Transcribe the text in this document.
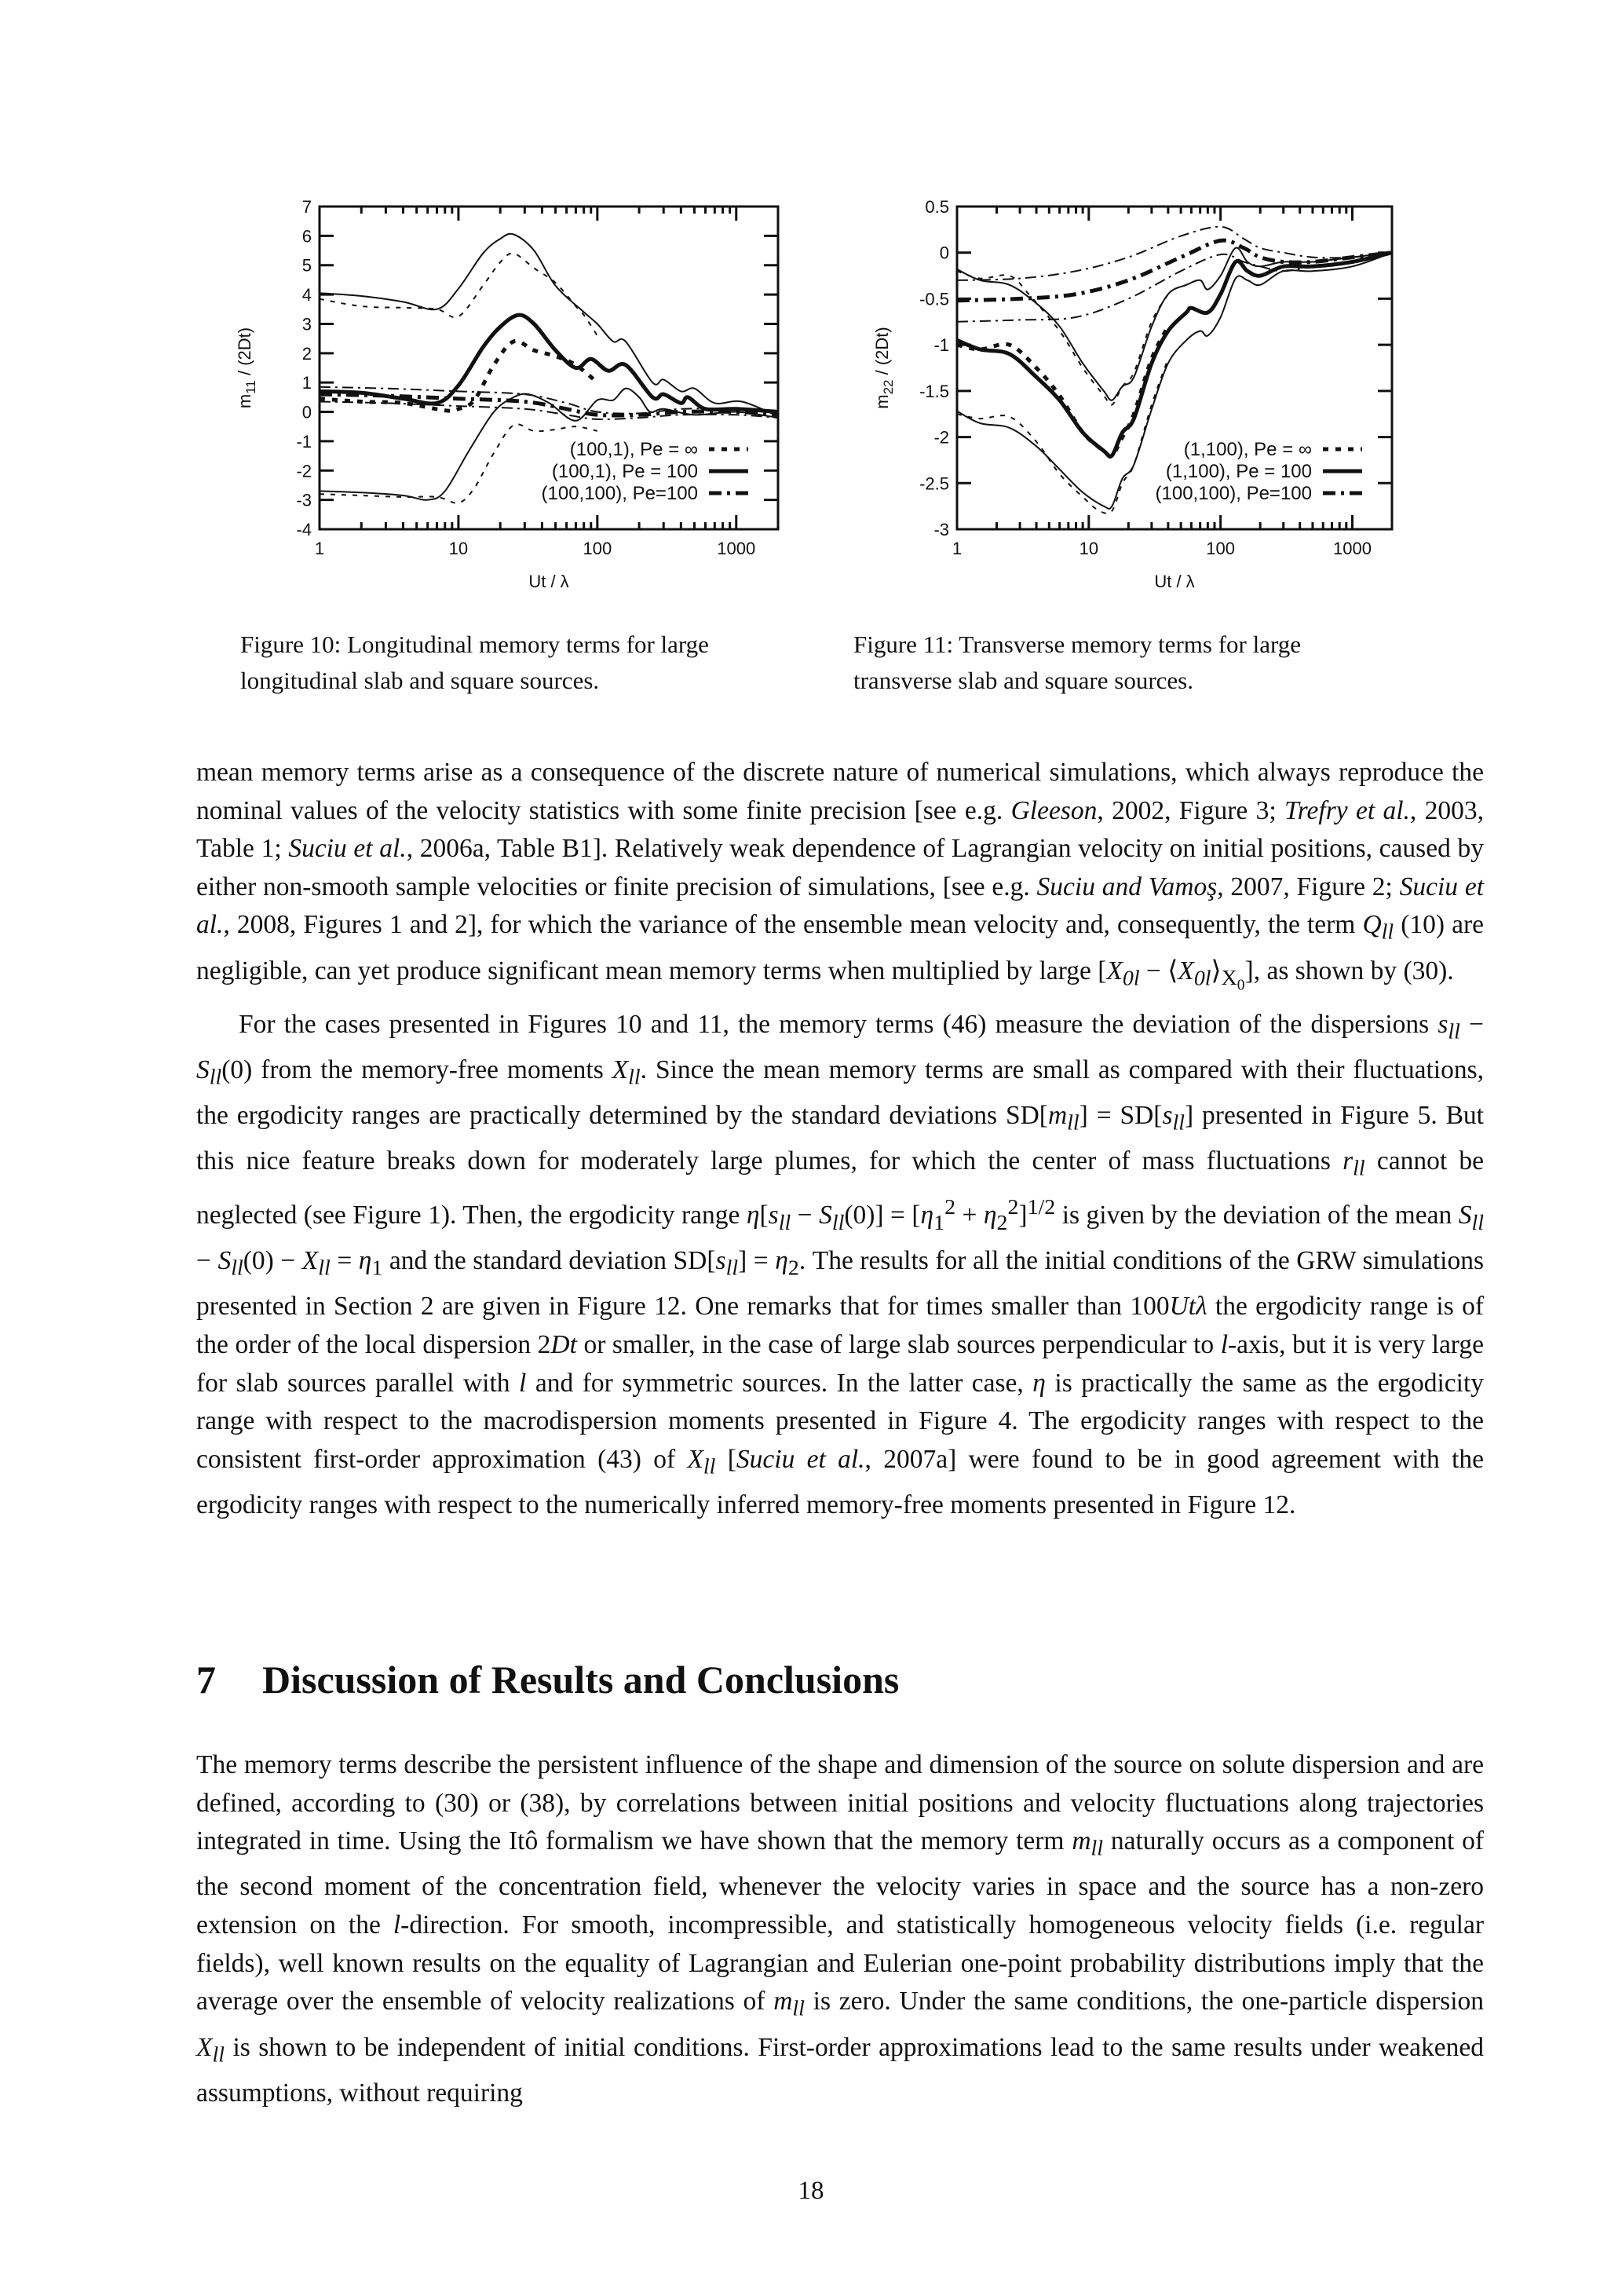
7
6
5
4
3
2
1
0
-1
-2
-3
-4
1	10	100	1000
Ut / λ
$m_{11} / (2Dt)$
(100,1), Pe = ∞
(100,1), Pe = 100
(100,100), Pe=100
0.5
0
-0.5
-1
-1.5
-2
-2.5
-3
1	10	100	1000
Ut / λ
$m_{22} / (2Dt)$
(1,100), Pe = ∞
(1,100), Pe = 100
(100,100), Pe=100
Figure 10: Longitudinal memory terms for large
longitudinal slab and square sources.
Figure 11: Transverse memory terms for large
transverse slab and square sources.

mean memory terms arise as a consequence of the discrete nature of numerical simulations, which always reproduce the nominal values of the velocity statistics with some finite precision [see e.g. Gleeson, 2002, Figure 3; Trefry et al., 2003, Table 1; Suciu et al., 2006a, Table B1]. Relatively weak dependence of Lagrangian velocity on initial positions, caused by either non-smooth sample velocities or finite precision of simulations, [see e.g. Suciu and Vamoş, 2007, Figure 2; Suciu et al., 2008, Figures 1 and 2], for which the variance of the ensemble mean velocity and, consequently, the term $Q_{ll}$ (10) are negligible, can yet produce significant mean memory terms when multiplied by large [$X_{0l}$ − $⟨X_{0l}⟩_{X_0}$], as shown by (30).

For the cases presented in Figures 10 and 11, the memory terms (46) measure the deviation of the dispersions $s_{ll} - S_{ll}(0)$ from the memory-free moments $X_{ll}$. Since the mean memory terms are small as compared with their fluctuations, the ergodicity ranges are practically determined by the standard deviations $SD[m_{ll}] = SD[s_{ll}]$ presented in Figure 5. But this nice feature breaks down for moderately large plumes, for which the center of mass fluctuations $r_{ll}$ cannot be neglected (see Figure 1). Then, the ergodicity range $\eta[s_{ll} - S_{ll}(0)] = [\eta_1^2 + \eta_2^2]^{1/2}$ is given by the deviation of the mean $S_{ll} - S_{ll}(0) - X_{ll} = \eta_1$ and the standard deviation $SD[s_{ll}] = \eta_2$. The results for all the initial conditions of the GRW simulations presented in Section 2 are given in Figure 12. One remarks that for times smaller than 100Utλ the ergodicity range is of the order of the local dispersion 2Dt or smaller, in the case of large slab sources perpendicular to l-axis, but it is very large for slab sources parallel with l and for symmetric sources. In the latter case, η is practically the same as the ergodicity range with respect to the macrodispersion moments presented in Figure 4. The ergodicity ranges with respect to the consistent first-order approximation (43) of $X_{ll}$ [Suciu et al., 2007a] were found to be in good agreement with the ergodicity ranges with respect to the numerically inferred memory-free moments presented in Figure 12.

7 Discussion of Results and Conclusions

The memory terms describe the persistent influence of the shape and dimension of the source on solute dispersion and are defined, according to (30) or (38), by correlations between initial positions and velocity fluctuations along trajectories integrated in time. Using the Itô formalism we have shown that the memory term $m_{ll}$ naturally occurs as a component of the second moment of the concentration field, whenever the velocity varies in space and the source has a non-zero extension on the l-direction. For smooth, incompressible, and statistically homogeneous velocity fields (i.e. regular fields), well known results on the equality of Lagrangian and Eulerian one-point probability distributions imply that the average over the ensemble of velocity realizations of $m_{ll}$ is zero. Under the same conditions, the one-particle dispersion $X_{ll}$ is shown to be independent of initial conditions. First-order approximations lead to the same results under weakened assumptions, without requiring

18
